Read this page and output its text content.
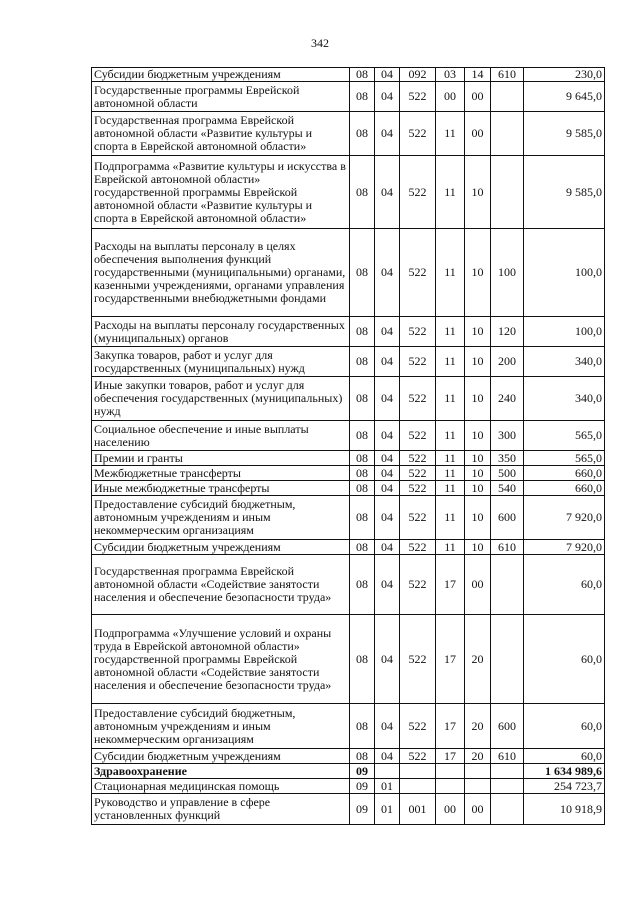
342
Субсидии бюджетным учреждениям	08	04	092	03	14	610	230,0
Государственные программы Еврейской автономной области	08	04	522	00	00		9 645,0
Государственная программа Еврейской автономной области «Развитие культуры и спорта в Еврейской автономной области»	08	04	522	11	00		9 585,0
Подпрограмма «Развитие культуры и искусства в Еврейской автономной области» государственной программы Еврейской автономной области «Развитие культуры и спорта в Еврейской автономной области»	08	04	522	11	10		9 585,0
Расходы на выплаты персоналу в целях обеспечения выполнения функций государственными (муниципальными) органами, казенными учреждениями, органами управления государственными внебюджетными фондами	08	04	522	11	10	100	100,0
Расходы на выплаты персоналу государственных (муниципальных) органов	08	04	522	11	10	120	100,0
Закупка товаров, работ и услуг для государственных (муниципальных) нужд	08	04	522	11	10	200	340,0
Иные закупки товаров, работ и услуг для обеспечения государственных (муниципальных) нужд	08	04	522	11	10	240	340,0
Социальное обеспечение и иные выплаты населению	08	04	522	11	10	300	565,0
Премии и гранты	08	04	522	11	10	350	565,0
Межбюджетные трансферты	08	04	522	11	10	500	660,0
Иные межбюджетные трансферты	08	04	522	11	10	540	660,0
Предоставление субсидий бюджетным, автономным учреждениям и иным некоммерческим организациям	08	04	522	11	10	600	7 920,0
Субсидии бюджетным учреждениям	08	04	522	11	10	610	7 920,0
Государственная программа Еврейской автономной области «Содействие занятости населения и обеспечение безопасности труда»	08	04	522	17	00		60,0
Подпрограмма «Улучшение условий и охраны труда в Еврейской автономной области» государственной программы Еврейской автономной области «Содействие занятости населения и обеспечение безопасности труда»	08	04	522	17	20		60,0
Предоставление субсидий бюджетным, автономным учреждениям и иным некоммерческим организациям	08	04	522	17	20	600	60,0
Субсидии бюджетным учреждениям	08	04	522	17	20	610	60,0
Здравоохранение	09						1 634 989,6
Стационарная медицинская помощь	09	01					254 723,7
Руководство и управление в сфере установленных функций	09	01	001	00	00		10 918,9
